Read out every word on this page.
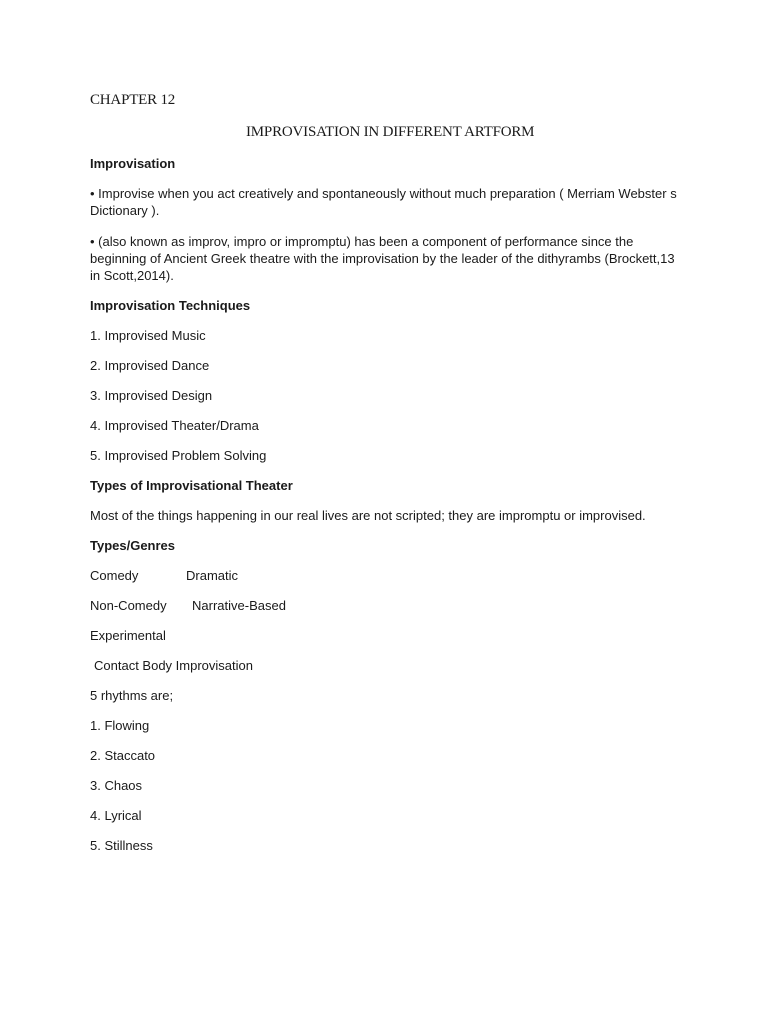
CHAPTER 12
IMPROVISATION IN DIFFERENT ARTFORM
Improvisation
• Improvise when you act creatively and spontaneously without much preparation ( Merriam Webster s Dictionary ).
• (also known as improv, impro or impromptu) has been a component of performance since the beginning of Ancient Greek theatre with the improvisation by the leader of the dithyrambs (Brockett,13 in Scott,2014).
Improvisation Techniques
1. Improvised Music
2. Improvised Dance
3. Improvised Design
4. Improvised Theater/Drama
5. Improvised Problem Solving
Types of Improvisational Theater
Most of the things happening in our real lives are not scripted; they are impromptu or improvised.
Types/Genres
Comedy	Dramatic
Non-Comedy Narrative-Based
Experimental
Contact Body Improvisation
5 rhythms are;
1. Flowing
2. Staccato
3. Chaos
4. Lyrical
5. Stillness
